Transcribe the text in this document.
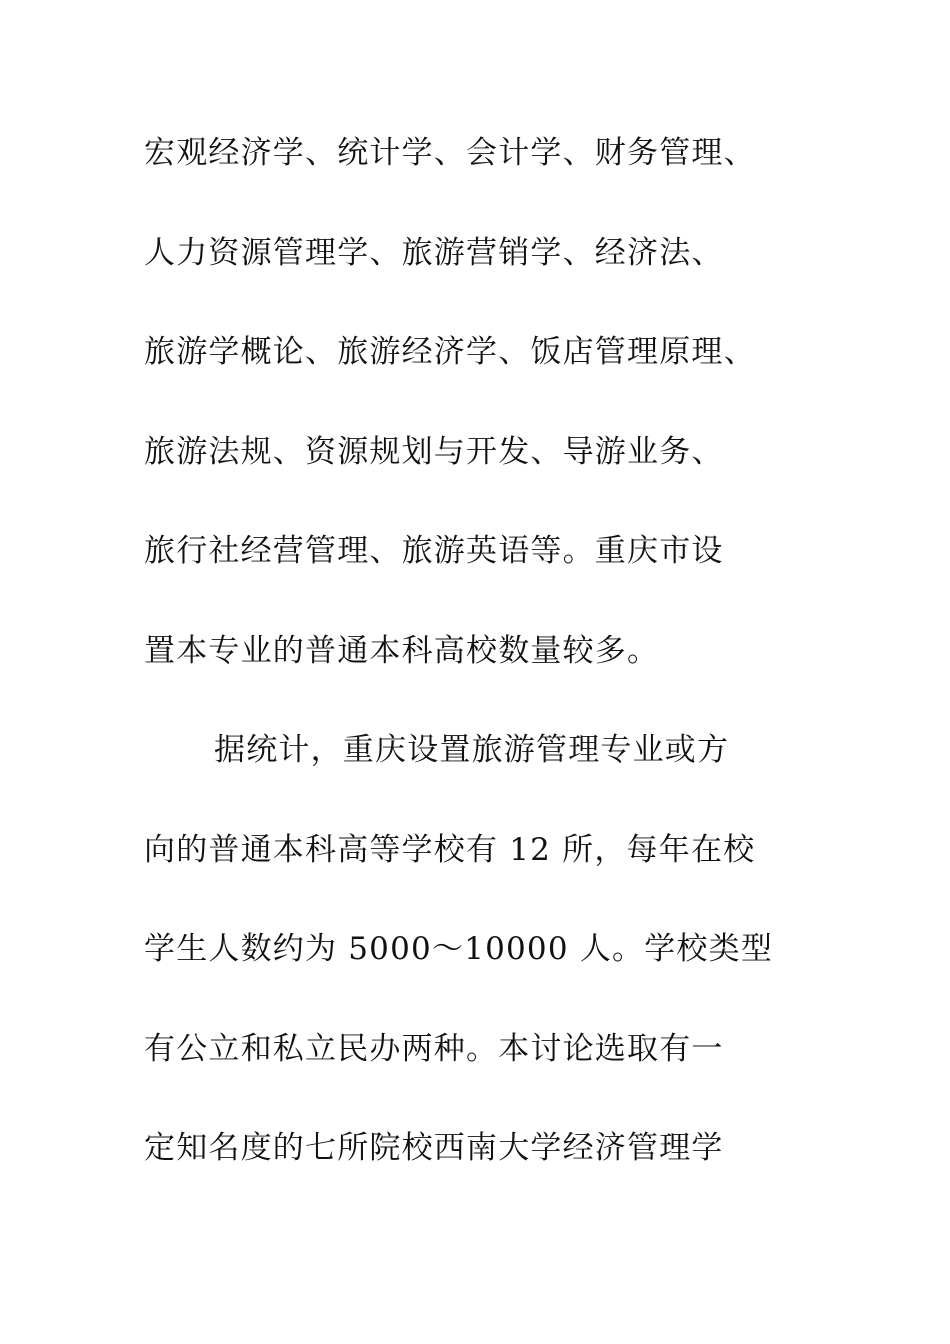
宏观经济学、统计学、会计学、财务管理、

人力资源管理学、旅游营销学、经济法、

旅游学概论、旅游经济学、饭店管理原理、

旅游法规、资源规划与开发、导游业务、

旅行社经营管理、旅游英语等。重庆市设

置本专业的普通本科高校数量较多。

据统计，重庆设置旅游管理专业或方

向的普通本科高等学校有 12 所，每年在校

学生人数约为 5000～10000 人。学校类型

有公立和私立民办两种。本讨论选取有一

定知名度的七所院校西南大学经济管理学
